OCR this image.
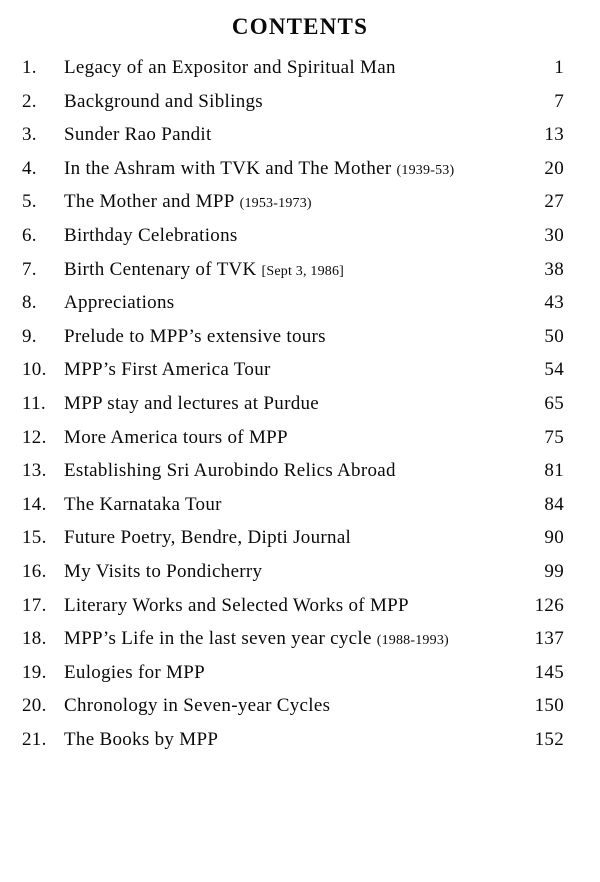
CONTENTS
1.	Legacy of an Expositor and Spiritual Man	1
2.	Background and Siblings	7
3.	Sunder Rao Pandit	13
4.	In the Ashram with TVK and The Mother (1939-53)	20
5.	The Mother and MPP (1953-1973)	27
6.	Birthday Celebrations	30
7.	Birth Centenary of TVK [Sept 3, 1986]	38
8.	Appreciations	43
9.	Prelude to MPP’s extensive tours	50
10. MPP’s First America Tour	54
11. MPP stay and lectures at Purdue	65
12. More America tours of MPP	75
13. Establishing Sri Aurobindo Relics Abroad	81
14. The Karnataka Tour	84
15. Future Poetry, Bendre, Dipti Journal	90
16. My Visits to Pondicherry	99
17. Literary Works and Selected Works of MPP	126
18. MPP’s Life in the last seven year cycle (1988-1993)	137
19. Eulogies for MPP	145
20. Chronology in Seven-year Cycles	150
21. The Books by MPP	152
